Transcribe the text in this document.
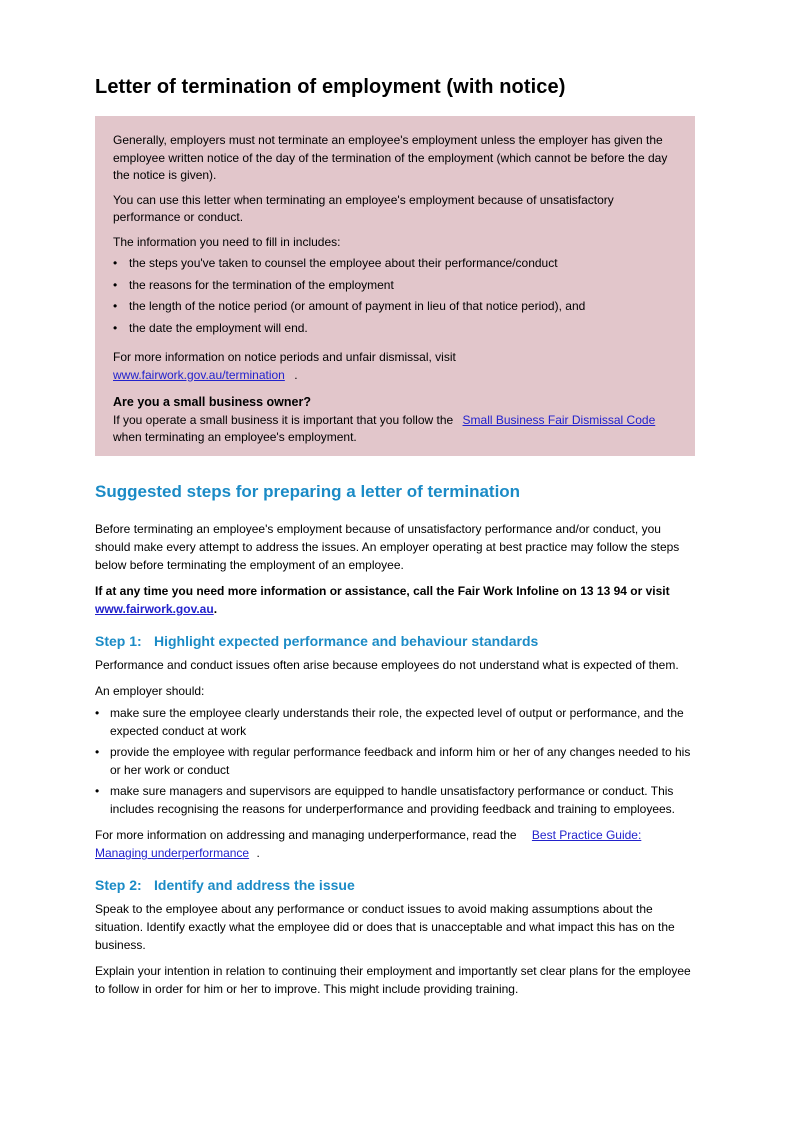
Letter of termination of employment (with notice)

Generally, employers must not terminate an employee's employment unless the employer has given the employee written notice of the day of the termination of the employment (which cannot be before the day the notice is given).

You can use this letter when terminating an employee's employment because of unsatisfactory performance or conduct.

The information you need to fill in includes:

• the steps you've taken to counsel the employee about their performance/conduct
• the reasons for the termination of the employment
• the length of the notice period (or amount of payment in lieu of that notice period), and
• the date the employment will end.

For more information on notice periods and unfair dismissal, visit
www.fairwork.gov.au/termination .

Are you a small business owner?

If you operate a small business it is important that you follow the Small Business Fair Dismissal Code when terminating an employee's employment.

Suggested steps for preparing a letter of termination

Before terminating an employee's employment because of unsatisfactory performance and/or conduct, you should make every attempt to address the issues. An employer operating at best practice may follow the steps below before terminating the employment of an employee.

If at any time you need more information or assistance, call the Fair Work Infoline on 13 13 94 or visit www.fairwork.gov.au.

Step 1: Highlight expected performance and behaviour standards

Performance and conduct issues often arise because employees do not understand what is expected of them.

An employer should:

• make sure the employee clearly understands their role, the expected level of output or performance, and the expected conduct at work
• provide the employee with regular performance feedback and inform him or her of any changes needed to his or her work or conduct
• make sure managers and supervisors are equipped to handle unsatisfactory performance or conduct. This includes recognising the reasons for underperformance and providing feedback and training to employees.

For more information on addressing and managing underperformance, read the Best Practice Guide: Managing underperformance .

Step 2: Identify and address the issue

Speak to the employee about any performance or conduct issues to avoid making assumptions about the situation. Identify exactly what the employee did or does that is unacceptable and what impact this has on the business.

Explain your intention in relation to continuing their employment and importantly set clear plans for the employee to follow in order for him or her to improve. This might include providing training.
